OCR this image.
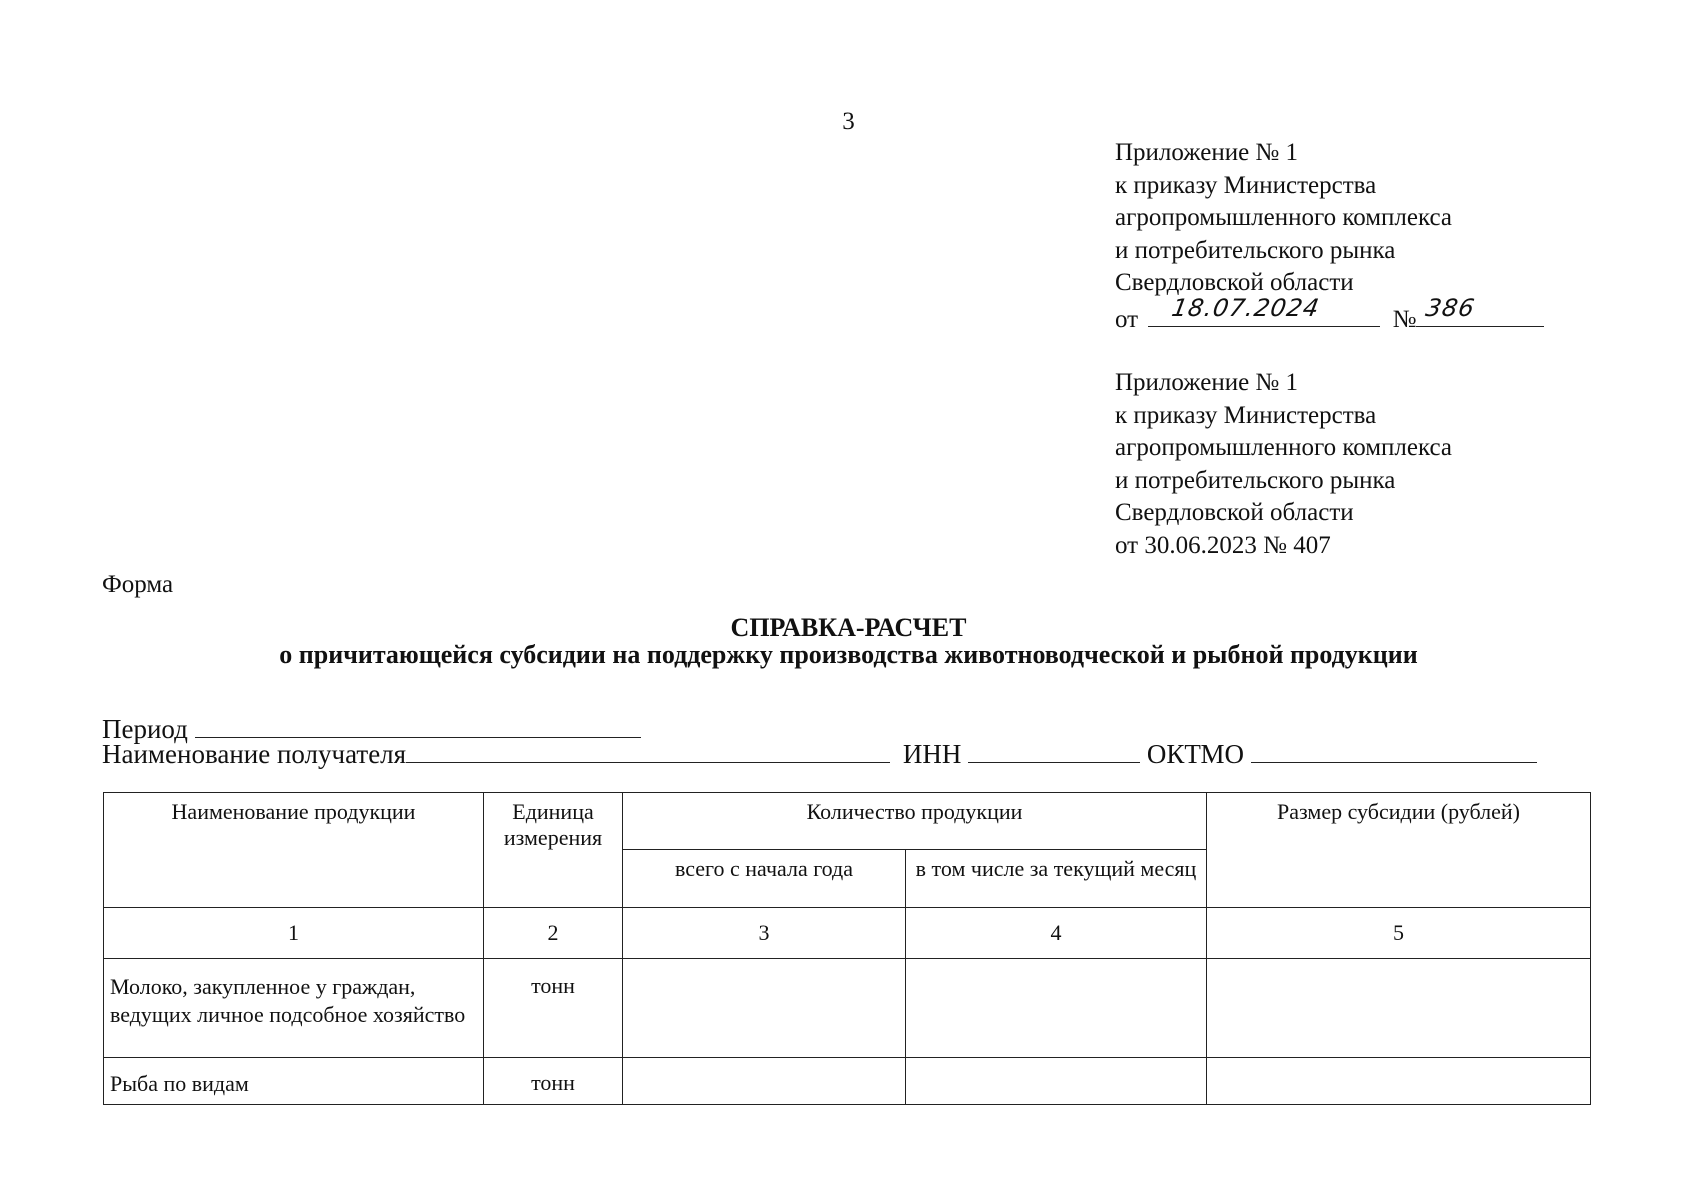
3
Приложение № 1
к приказу Министерства
агропромышленного комплекса
и потребительского рынка
Свердловской области
от 18.07.2024	№ 386
Приложение № 1
к приказу Министерства
агропромышленного комплекса
и потребительского рынка
Свердловской области
от 30.06.2023 № 407
Форма
СПРАВКА-РАСЧЕТ
о причитающейся субсидии на поддержку производства животноводческой и рыбной продукции
Период
Наименование получателя	ИНН	ОКТМО
Наименование продукции	Единица измерения	Количество продукции		Размер субсидии (рублей)
		всего с начала года	в том числе за текущий месяц	
1	2	3	4	5
Молоко, закупленное у граждан, ведущих личное подсобное хозяйство	тонн			
Рыба по видам	тонн			
